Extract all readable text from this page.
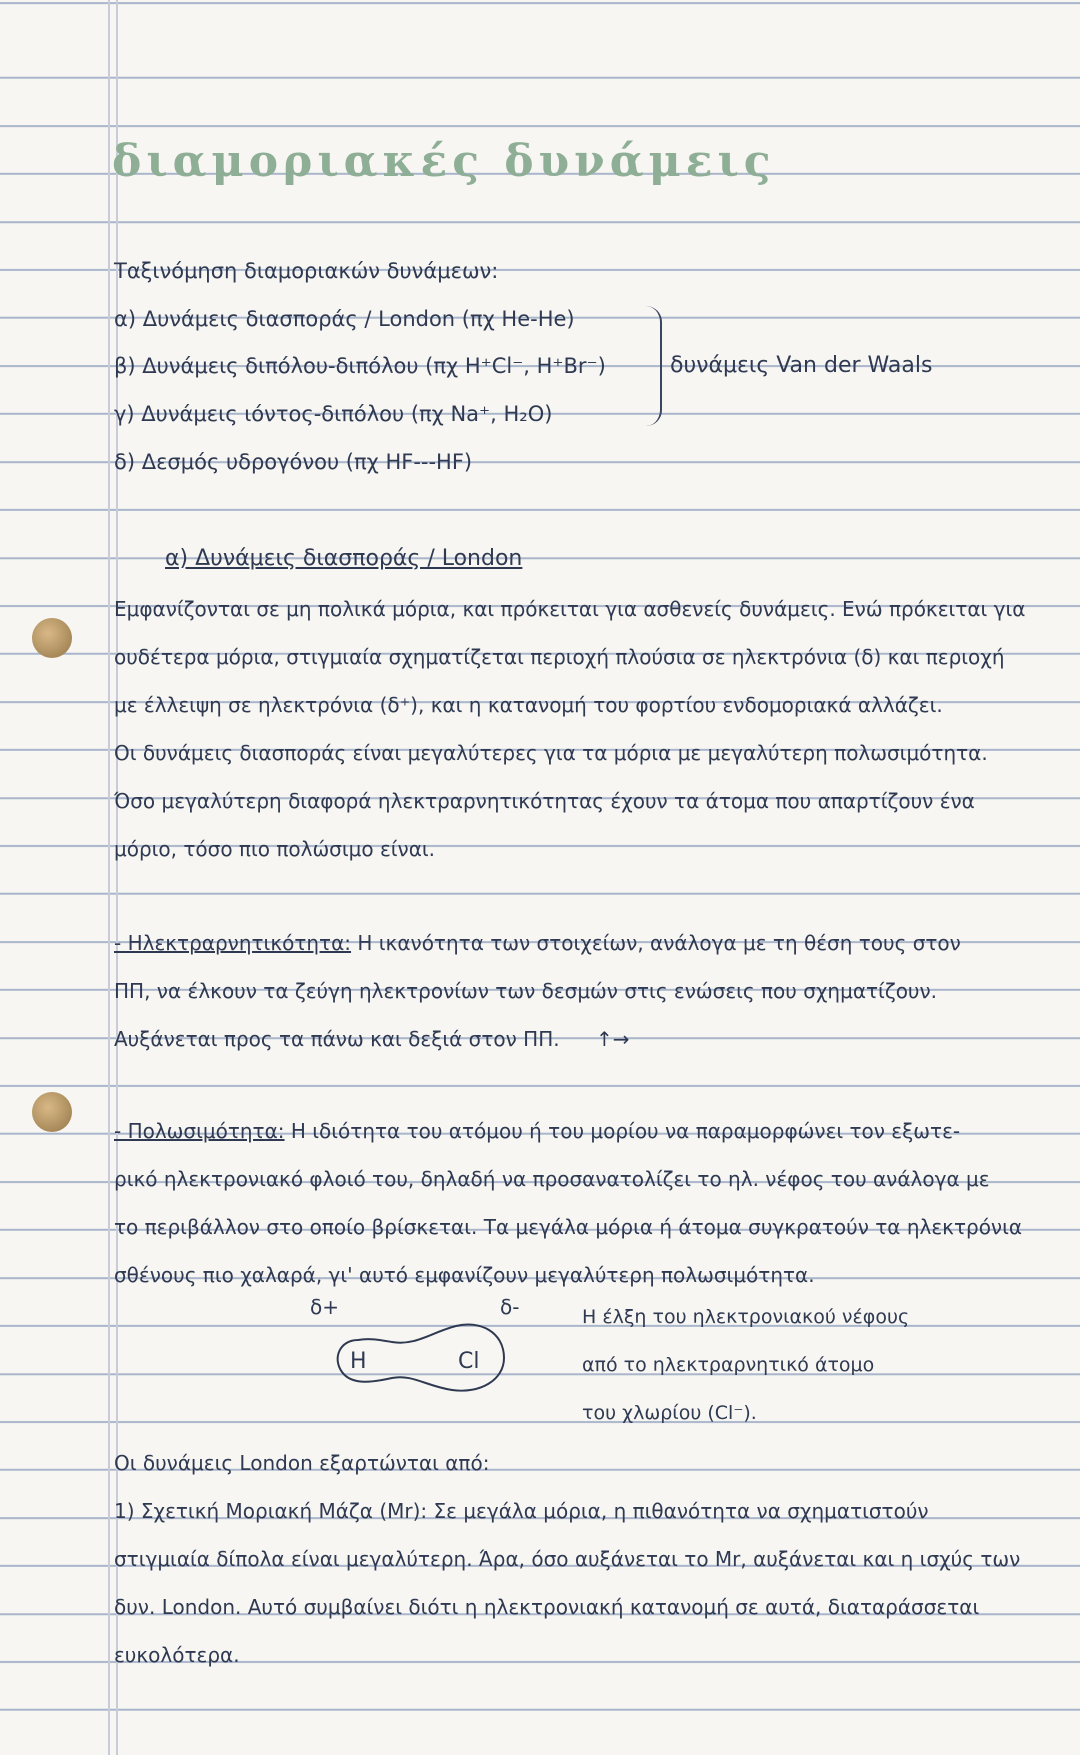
διαμοριακές δυνάμεις
Ταξινόμηση διαμοριακών δυνάμεων:
α) Δυνάμεις διασποράς / London (πχ He-He)
β) Δυνάμεις διπόλου-διπόλου (πχ H⁺Cl⁻, H⁺Br⁻)
γ) Δυνάμεις ιόντος-διπόλου (πχ Na⁺, H₂O)
δ) Δεσμός υδρογόνου (πχ HF---HF)
δυνάμεις Van der Waals
α) Δυνάμεις διασποράς / London
Εμφανίζονται σε μη πολικά μόρια, και πρόκειται για ασθενείς δυνάμεις. Ενώ πρόκειται για
ουδέτερα μόρια, στιγμιαία σχηματίζεται περιοχή πλούσια σε ηλεκτρόνια (δ) και περιοχή
με έλλειψη σε ηλεκτρόνια (δ⁺), και η κατανομή του φορτίου ενδομοριακά αλλάζει.
Οι δυνάμεις διασποράς είναι μεγαλύτερες για τα μόρια με μεγαλύτερη πολωσιμότητα.
Όσο μεγαλύτερη διαφορά ηλεκτραρνητικότητας έχουν τα άτομα που απαρτίζουν ένα
μόριο, τόσο πιο πολώσιμο είναι.
- Ηλεκτραρνητικότητα: Η ικανότητα των στοιχείων, ανάλογα με τη θέση τους στον
ΠΠ, να έλκουν τα ζεύγη ηλεκτρονίων των δεσμών στις ενώσεις που σχηματίζουν.
Αυξάνεται προς τα πάνω και δεξιά στον ΠΠ. ↑→
- Πολωσιμότητα: Η ιδιότητα του ατόμου ή του μορίου να παραμορφώνει τον εξωτε-
ρικό ηλεκτρονιακό φλοιό του, δηλαδή να προσανατολίζει το ηλ. νέφος του ανάλογα με
το περιβάλλον στο οποίο βρίσκεται. Τα μεγάλα μόρια ή άτομα συγκρατούν τα ηλεκτρόνια
σθένους πιο χαλαρά, γι' αυτό εμφανίζουν μεγαλύτερη πολωσιμότητα.
δ+	δ-
H	Cl
Η έλξη του ηλεκτρονιακού νέφους
από το ηλεκτραρνητικό άτομο
του χλωρίου (Cl⁻).
Οι δυνάμεις London εξαρτώνται από:
1) Σχετική Μοριακή Μάζα (Mr): Σε μεγάλα μόρια, η πιθανότητα να σχηματιστούν
στιγμιαία δίπολα είναι μεγαλύτερη. Άρα, όσο αυξάνεται το Mr, αυξάνεται και η ισχύς των
δυν. London. Αυτό συμβαίνει διότι η ηλεκτρονιακή κατανομή σε αυτά, διαταράσσεται
ευκολότερα.
